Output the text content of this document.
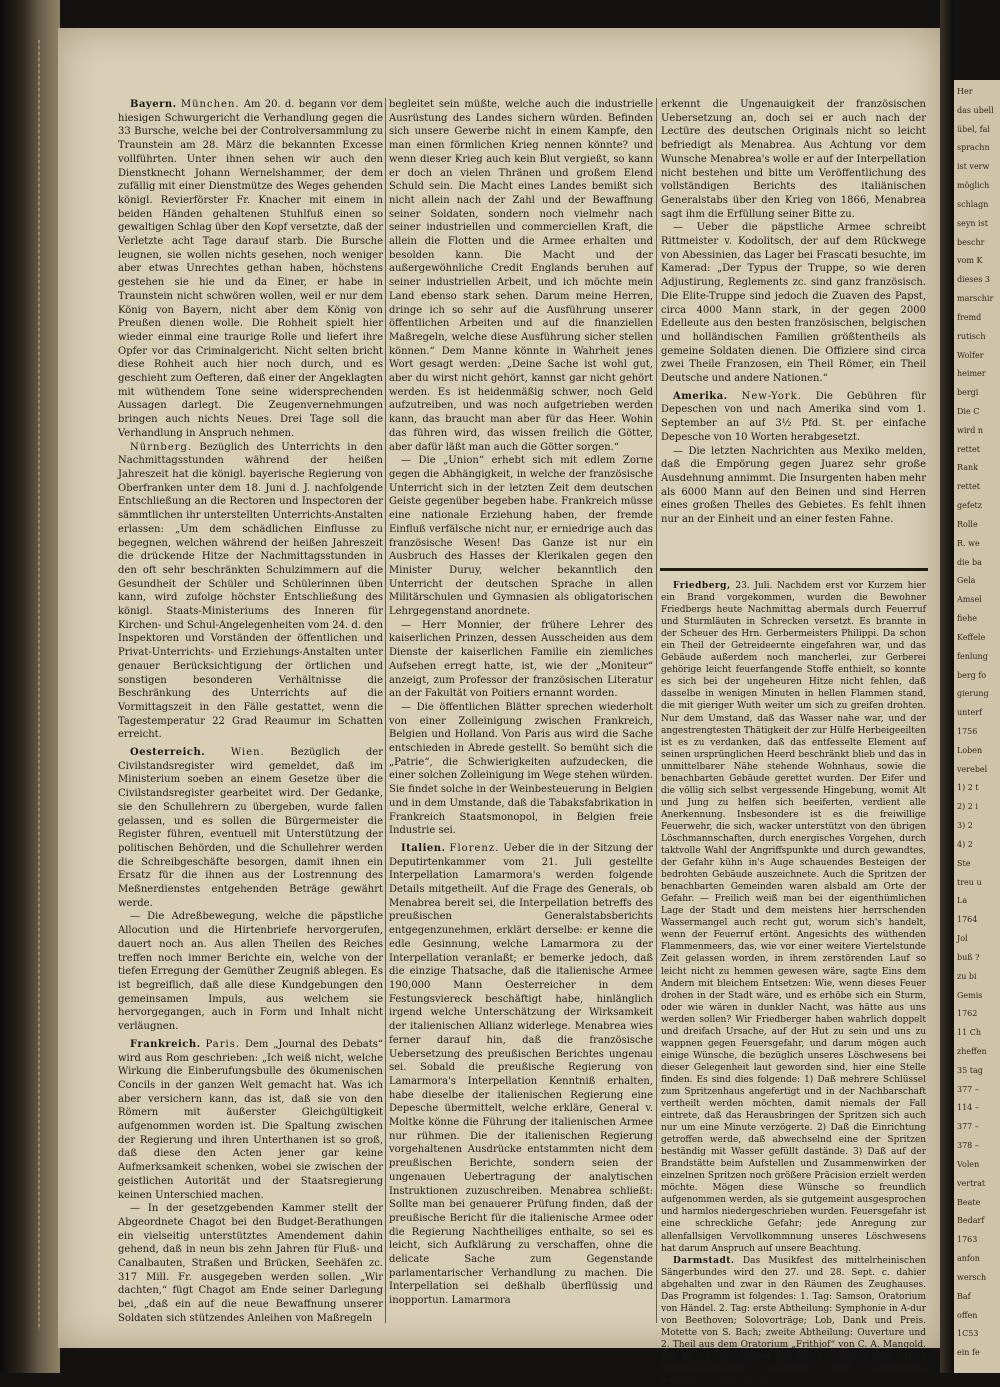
Bayern. München. Am 20. d. begann vor dem hiesigen Schwurgericht die Verhandlung gegen die 33 Bursche, welche bei der Controlversammlung zu Traunstein am 28. März die bekannten Excesse vollführten. Unter ihnen sehen wir auch den Dienstknecht Johann Wernelshammer, der dem zufällig mit einer Dienstmütze des Weges gehenden königl. Revierförster Fr. Knacher mit einem in beiden Händen gehaltenen Stuhlfuß einen so gewaltigen Schlag über den Kopf versetzte, daß der Verletzte acht Tage darauf starb. Die Bursche leugnen, sie wollen nichts gesehen, noch weniger aber etwas Unrechtes gethan haben, höchstens gestehen sie hie und da Einer, er habe in Traunstein nicht schwören wollen, weil er nur dem König von Bayern, nicht aber dem König von Preußen dienen wolle. Die Rohheit spielt hier wieder einmal eine traurige Rolle und liefert ihre Opfer vor das Criminalgericht. Nicht selten bricht diese Rohheit auch hier noch durch, und es geschieht zum Oefteren, daß einer der Angeklagten mit wüthendem Tone seine widersprechenden Aussagen darlegt. Die Zeugenvernehmungen bringen auch nichts Neues. Drei Tage soll die Verhandlung in Anspruch nehmen.

Nürnberg. Bezüglich des Unterrichts in den Nachmittagsstunden während der heißen Jahreszeit hat die königl. bayerische Regierung von Oberfranken unter dem 18. Juni d. J. nachfolgende Entschließung an die Rectoren und Inspectoren der sämmtlichen ihr unterstellten Unterrichts-Anstalten erlassen: „Um dem schädlichen Einflusse zu begegnen, welchen während der heißen Jahreszeit die drückende Hitze der Nachmittagsstunden in den oft sehr beschränkten Schulzimmern auf die Gesundheit der Schüler und Schülerinnen üben kann, wird zufolge höchster Entschließung des königl. Staats-Ministeriums des Inneren für Kirchen- und Schul-Angelegenheiten vom 24. d. den Inspektoren und Vorständen der öffentlichen und Privat-Unterrichts- und Erziehungs-Anstalten unter genauer Berücksichtigung der örtlichen und sonstigen besonderen Verhältnisse die Beschränkung des Unterrichts auf die Vormittagszeit in den Fälle gestattet, wenn die Tagestemperatur 22 Grad Reaumur im Schatten erreicht.

Oesterreich.	Wien.	Bezüglich der Civilstandsregister wird gemeldet, daß im Ministerium soeben an einem Gesetze über die Civilstandsregister gearbeitet wird. Der Gedanke, sie den Schullehrern zu übergeben, wurde fallen gelassen, und es sollen die Bürgermeister die Register führen, eventuell mit Unterstützung der politischen Behörden, und die Schullehrer werden die Schreibgeschäfte besorgen, damit ihnen ein Ersatz für die ihnen aus der Lostrennung des Meßnerdienstes entgehenden Beträge gewährt werde.

— Die Adreßbewegung, welche die päpstliche Allocution und die Hirtenbriefe hervorgerufen, dauert noch an. Aus allen Theilen des Reiches treffen noch immer Berichte ein, welche von der tiefen Erregung der Gemüther Zeugniß ablegen. Es ist begreiflich, daß alle diese Kundgebungen den gemeinsamen Impuls, aus welchem sie hervorgegangen, auch in Form und Inhalt nicht verläugnen.

Frankreich. Paris. Dem „Journal des Debats“ wird aus Rom geschrieben: „Ich weiß nicht, welche Wirkung die Einberufungsbulle des ökumenischen Concils in der ganzen Welt gemacht hat. Was ich aber versichern kann, das ist, daß sie von den Römern mit äußerster Gleichgültigkeit aufgenommen worden ist. Die Spaltung zwischen der Regierung und ihren Unterthanen ist so groß, daß diese den Acten jener gar keine Aufmerksamkeit schenken, wobei sie zwischen der geistlichen Autorität und der Staatsregierung keinen Unterschied machen.

— In der gesetzgebenden Kammer stellt der Abgeordnete Chagot bei den Budget-Berathungen ein vielseitig unterstütztes Amendement dahin gehend, daß in neun bis zehn Jahren für Fluß- und Canalbauten, Straßen und Brücken, Seehäfen zc. 317 Mill. Fr. ausgegeben werden sollen. „Wir dachten,“ fügt Chagot am Ende seiner Darlegung bei, „daß ein auf die neue Bewaffnung unserer Soldaten sich stützendes Anleihen von Maßregeln

begleitet sein müßte, welche auch die industrielle Ausrüstung des Landes sichern würden. Befinden sich unsere Gewerbe nicht in einem Kampfe, den man einen förmlichen Krieg nennen könnte? und wenn dieser Krieg auch kein Blut vergießt, so kann er doch an vielen Thränen und großem Elend Schuld sein. Die Macht eines Landes bemißt sich nicht allein nach der Zahl und der Bewaffnung seiner Soldaten, sondern noch vielmehr nach seiner industriellen und commerciellen Kraft, die allein die Flotten und die Armee erhalten und besolden kann. Die Macht und der außergewöhnliche Credit Englands beruhen auf seiner industriellen Arbeit, und ich möchte mein Land ebenso stark sehen. Darum meine Herren, dringe ich so sehr auf die Ausführung unserer öffentlichen Arbeiten und auf die finanziellen Maßregeln, welche diese Ausführung sicher stellen können.“ Dem Manne könnte in Wahrheit jenes Wort gesagt werden: „Deine Sache ist wohl gut, aber du wirst nicht gehört, kannst gar nicht gehört werden. Es ist heidenmäßig schwer, noch Geld aufzutreiben, und was noch aufgetrieben werden kann, das braucht man aber für das Heer. Wohin das führen wird, das wissen freilich die Götter, aber dafür läßt man auch die Götter sorgen.“

— Die „Union“ erhebt sich mit edlem Zorne gegen die Abhängigkeit, in welche der französische Unterricht sich in der letzten Zeit dem deutschen Geiste gegenüber begeben habe. Frankreich müsse eine nationale Erziehung haben, der fremde Einfluß verfälsche nicht nur, er erniedrige auch das französische Wesen! Das Ganze ist nur ein Ausbruch des Hasses der Klerikalen gegen den Minister Duruy, welcher bekanntlich den Unterricht der deutschen Sprache in allen Militärschulen und Gymnasien als obligatorischen Lehrgegenstand anordnete.

— Herr Monnier, der frühere Lehrer des kaiserlichen Prinzen, dessen Ausscheiden aus dem Dienste der kaiserlichen Familie ein ziemliches Aufsehen erregt hatte, ist, wie der „Moniteur“ anzeigt, zum Professor der französischen Literatur an der Fakultät von Poitiers ernannt worden.

— Die öffentlichen Blätter sprechen wiederholt von einer Zolleinigung zwischen Frankreich, Belgien und Holland. Von Paris aus wird die Sache entschieden in Abrede gestellt. So bemüht sich die „Patrie“, die Schwierigkeiten aufzudecken, die einer solchen Zolleinigung im Wege stehen würden. Sie findet solche in der Weinbesteuerung in Belgien und in dem Umstande, daß die Tabaksfabrikation in Frankreich Staatsmonopol, in Belgien freie Industrie sei.

Italien. Florenz. Ueber die in der Sitzung der Deputirtenkammer vom 21. Juli gestellte Interpellation Lamarmora's werden folgende Details mitgetheilt. Auf die Frage des Generals, ob Menabrea bereit sei, die Interpellation betreffs des preußischen Generalstabsberichts entgegenzunehmen, erklärt derselbe: er kenne die edle Gesinnung, welche Lamarmora zu der Interpellation veranlaßt; er bemerke jedoch, daß die einzige Thatsache, daß die italienische Armee 190,000 Mann Oesterreicher in dem Festungsviereck beschäftigt habe, hinlänglich irgend welche Unterschätzung der Wirksamkeit der italienischen Allianz widerlege. Menabrea wies ferner darauf hin, daß die französische Uebersetzung des preußischen Berichtes ungenau sei. Sobald die preußische Regierung von Lamarmora's Interpellation Kenntniß erhalten, habe dieselbe der italienischen Regierung eine Depesche übermittelt, welche erkläre, General v. Moltke könne die Führung der italienischen Armee nur rühmen. Die der italienischen Regierung vorgehaltenen Ausdrücke entstammten nicht dem preußischen Berichte, sondern seien der ungenauen Uebertragung der analytischen Instruktionen zuzuschreiben. Menabrea schließt: Sollte man bei genauerer Prüfung finden, daß der preußische Bericht für die italienische Armee oder die Regierung Nachtheiliges enthalte, so sei es leicht, sich Aufklärung zu verschaffen, ohne die delicate Sache zum Gegenstande parlamentarischer Verhandlung zu machen. Die Interpellation sei deßhalb überflüssig und inopportun. Lamarmora

erkennt die Ungenauigkeit der französischen Uebersetzung an, doch sei er auch nach der Lectüre des deutschen Originals nicht so leicht befriedigt als Menabrea. Aus Achtung vor dem Wunsche Menabrea's wolle er auf der Interpellation nicht bestehen und bitte um Veröffentlichung des vollständigen Berichts des italiänischen Generalstabs über den Krieg von 1866, Menabrea sagt ihm die Erfüllung seiner Bitte zu.

— Ueber die päpstliche Armee schreibt Rittmeister v. Kodolitsch, der auf dem Rückwege von Abessinien, das Lager bei Frascati besuchte, im Kamerad: „Der Typus der Truppe, so wie deren Adjustirung, Reglements zc. sind ganz französisch. Die Elite-Truppe sind jedoch die Zuaven des Papst, circa 4000 Mann stark, in der gegen 2000 Edelleute aus den besten französischen, belgischen und holländischen Familien größtentheils als gemeine Soldaten dienen. Die Offiziere sind circa zwei Theile Franzosen, ein Theil Römer, ein Theil Deutsche und andere Nationen.“

Amerika. New-York. Die Gebühren für Depeschen von und nach Amerika sind vom 1. September an auf 3½ Pfd. St. per einfache Depesche von 10 Worten herabgesetzt.

— Die letzten Nachrichten aus Mexiko melden, daß die Empörung gegen Juarez sehr große Ausdehnung annimmt. Die Insurgenten haben mehr als 6000 Mann auf den Beinen und sind Herren eines großen Theiles des Gebietes. Es fehlt ihnen nur an der Einheit und an einer festen Fahne.

Friedberg, 23. Juli. Nachdem erst vor Kurzem hier ein Brand vorgekommen, wurden die Bewohner Friedbergs heute Nachmittag abermals durch Feuerruf und Sturmläuten in Schrecken versetzt. Es brannte in der Scheuer des Hrn. Gerbermeisters Philippi. Da schon ein Theil der Getreideernte eingefahren war, und das Gebäude außerdem noch mancherlei, zur Gerberei gehörige leicht feuerfangende Stoffe enthielt, so konnte es sich bei der ungeheuren Hitze nicht fehlen, daß dasselbe in wenigen Minuten in hellen Flammen stand, die mit gieriger Wuth weiter um sich zu greifen drohten. Nur dem Umstand, daß das Wasser nahe war, und der angestrengtesten Thätigkeit der zur Hülfe Herbeigeeilten ist es zu verdanken, daß das entfesselte Element auf seinen ursprünglichen Heerd beschränkt blieb und das in unmittelbarer Nähe stehende Wohnhaus, sowie die benachbarten Gebäude gerettet wurden. Der Eifer und die völlig sich selbst vergessende Hingebung, womit Alt und Jung zu helfen sich beeiferten, verdient alle Anerkennung. Insbesondere ist es die freiwillige Feuerwehr, die sich, wacker unterstützt von den übrigen Löschmannschaften, durch energisches Vorgehen, durch taktvolle Wahl der Angriffspunkte und durch gewandtes, der Gefahr kühn in's Auge schauendes Besteigen der bedrohten Gebäude auszeichnete. Auch die Spritzen der benachbarten Gemeinden waren alsbald am Orte der Gefahr. — Freilich weiß man bei der eigenthümlichen Lage der Stadt und dem meistens hier herrschenden Wassermangel auch recht gut, worum sich's handelt, wenn der Feuerruf ertönt. Angesichts des wüthenden Flammenmeers, das, wie vor einer weitere Viertelstunde Zeit gelassen worden, in ihrem zerstörenden Lauf so leicht nicht zu hemmen gewesen wäre, sagte Eins dem Andern mit bleichem Entsetzen: Wie, wenn dieses Feuer drohen in der Stadt wäre, und es erhöbe sich ein Sturm, oder wie wären in dunkler Nacht, was hätte aus uns werden sollen? Wir Friedberger haben wahrlich doppelt und dreifach Ursache, auf der Hut zu sein und uns zu wappnen gegen Feuersgefahr, und darum mögen auch einige Wünsche, die bezüglich unseres Löschwesens bei dieser Gelegenheit laut geworden sind, hier eine Stelle finden. Es sind dies folgende: 1) Daß mehrere Schlüssel zum Spritzenhaus angefertigt und in der Nachbarschaft vertheilt werden möchten, damit niemals der Fall eintrete, daß das Herausbringen der Spritzen sich auch nur um eine Minute verzögerte. 2) Daß die Einrichtung getroffen werde, daß abwechselnd eine der Spritzen beständig mit Wasser gefüllt dastände. 3) Daß auf der Brandstätte beim Aufstellen und Zusammenwirken der einzelnen Spritzen noch größere Präcision erzielt werden möchte. Mögen diese Wünsche so freundlich aufgenommen werden, als sie gutgemeint ausgesprochen und harmlos niedergeschrieben wurden. Feuersgefahr ist eine schreckliche Gefahr; jede Anregung zur allenfallsigen Vervollkommnung unseres Löschwesens hat darum Anspruch auf unsere Beachtung.

Darmstadt. Das Musikfest des mittelrheinischen Sängerbundes wird den 27. und 28. Sept. c. dahier abgehalten und zwar in den Räumen des Zeughauses. Das Programm ist folgendes: 1. Tag: Samson, Oratorium von Händel. 2. Tag: erste Abtheilung: Symphonie in A-dur von Beethoven; Solovorträge; Lob, Dank und Preis. Motette von S. Bach; zweite Abtheilung: Ouverture und 2. Theil aus dem Oratorium „Frithjof“ von C. A. Mangold. Die Hauptprobe findet am 26. September statt. Herr Hofmusik-Director Mangold wird sämmtliche Aufführungen dirigiren.

Her
das ubell
übel, fal
sprachn
ist verw
möglich
schlagn
seyn ist
beschr
vom K
dieses 3
marschir
fremd
rutisch
Wolfer
heimer
bergi
Die C
wird n
rettet
Rank
rettet
gefetz
Rolle
R. we
die ba
Gela
Amsel
fiehe
Keffele
fenlung
berg fo
gierung
unterf
1756
Loben
verebel
1) 2 t
2) 2 i
3) 2
4) 2
Ste
treu u
La
1764
Jol
buß ?
zu bi
Gemis
1762
11 Ch
zheffen
35 tag
377 –
114 –
377 –
378 –
Volen
vertrat
Beate
Bedarf
1763
anfon
wersch
Baf
offen
1C53
ein fe
